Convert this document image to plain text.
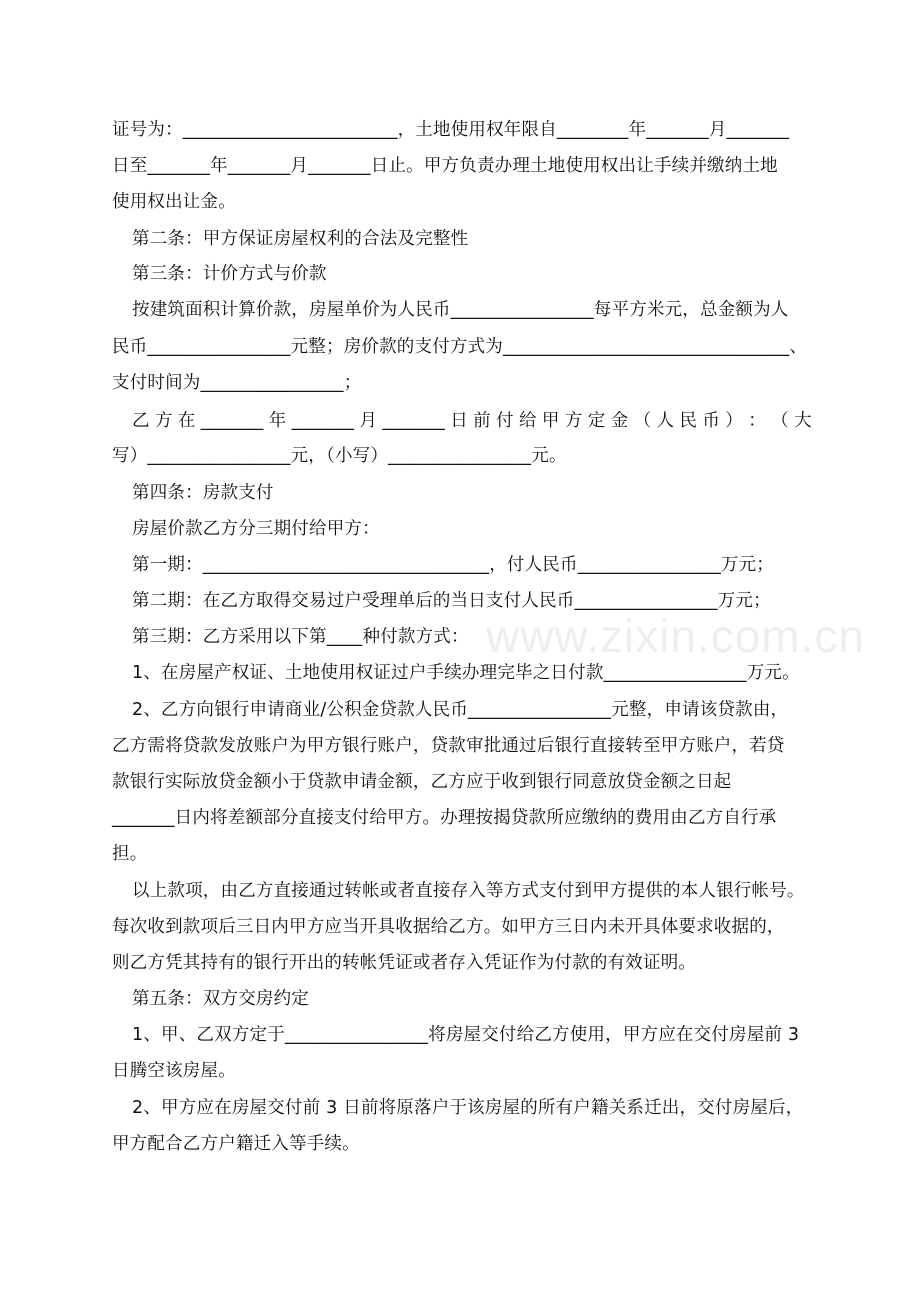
证号为：________________________，土地使用权年限自________年_______月_______
日至_______年_______月_______日止。甲方负责办理土地使用权出让手续并缴纳土地
使用权出让金。
第二条：甲方保证房屋权利的合法及完整性
第三条：计价方式与价款
按建筑面积计算价款，房屋单价为人民币________________每平方米元，总金额为人
民币________________元整；房价款的支付方式为________________________________、
支付时间为________________；
乙 方 在 _______ 年 _______ 月 _______ 日 前 付 给 甲 方 定 金 （ 人 民 币 ） ： （ 大
写）________________元，（小写）________________元。
第四条：房款支付
房屋价款乙方分三期付给甲方：
第一期：________________________________，付人民币________________万元；
第二期：在乙方取得交易过户受理单后的当日支付人民币________________万元；
第三期：乙方采用以下第____种付款方式：
1、在房屋产权证、土地使用权证过户手续办理完毕之日付款________________万元。
2、乙方向银行申请商业/公积金贷款人民币________________元整，申请该贷款由，
乙方需将贷款发放账户为甲方银行账户，贷款审批通过后银行直接转至甲方账户，若贷
款银行实际放贷金额小于贷款申请金额，乙方应于收到银行同意放贷金额之日起
_______日内将差额部分直接支付给甲方。办理按揭贷款所应缴纳的费用由乙方自行承
担。
以上款项，由乙方直接通过转帐或者直接存入等方式支付到甲方提供的本人银行帐号。
每次收到款项后三日内甲方应当开具收据给乙方。如甲方三日内未开具体要求收据的，
则乙方凭其持有的银行开出的转帐凭证或者存入凭证作为付款的有效证明。
第五条：双方交房约定
1、甲、乙双方定于________________将房屋交付给乙方使用，甲方应在交付房屋前 3
日腾空该房屋。
2、甲方应在房屋交付前 3 日前将原落户于该房屋的所有户籍关系迁出，交付房屋后，
甲方配合乙方户籍迁入等手续。
www.zixin.com.cn
